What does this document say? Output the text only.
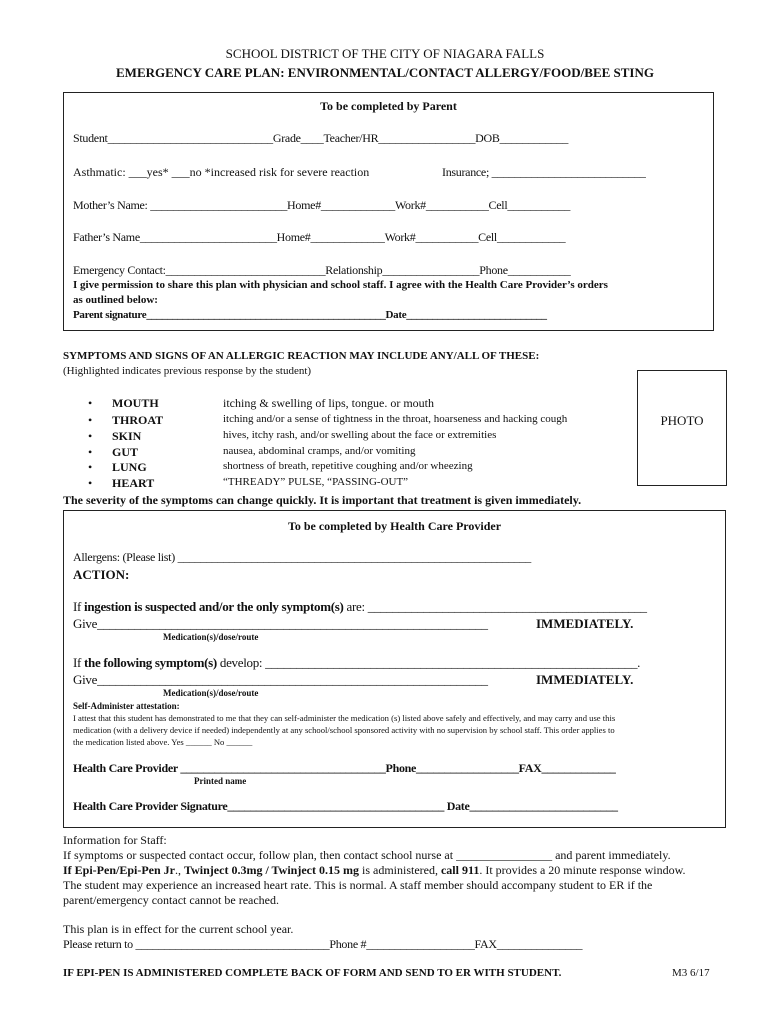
SCHOOL DISTRICT OF THE CITY OF NIAGARA FALLS
EMERGENCY CARE PLAN: ENVIRONMENTAL/CONTACT ALLERGY/FOOD/BEE STING
To be completed by Parent
Student_____________________________Grade____Teacher/HR_________________DOB____________
Asthmatic: ___yes* ___no *increased risk for severe reaction	Insurance; ___________________________
Mother’s Name: ________________________Home#_____________Work#___________Cell___________
Father’s Name________________________Home#_____________Work#___________Cell____________
Emergency Contact:____________________________Relationship_________________Phone___________
I give permission to share this plan with physician and school staff. I agree with the Health Care Provider’s orders
as outlined below:
Parent signature______________________________________________Date___________________________
SYMPTOMS AND SIGNS OF AN ALLERGIC REACTION MAY INCLUDE ANY/ALL OF THESE:
(Highlighted indicates previous response by the student)
PHOTO
• MOUTH	itching & swelling of lips, tongue. or mouth
• THROAT	itching and/or a sense of tightness in the throat, hoarseness and hacking cough
• SKIN	hives, itchy rash, and/or swelling about the face or extremities
• GUT	nausea, abdominal cramps, and/or vomiting
• LUNG	shortness of breath, repetitive coughing and/or wheezing
• HEART	“THREADY” PULSE, “PASSING-OUT”
The severity of the symptoms can change quickly. It is important that treatment is given immediately.
To be completed by Health Care Provider
Allergens: (Please list) ______________________________________________________________
ACTION:
If ingestion is suspected and/or the only symptom(s) are: _____________________________________________
Give_______________________________________________________________	IMMEDIATELY.
Medication(s)/dose/route
If the following symptom(s) develop: ____________________________________________________________.
Give_______________________________________________________________	IMMEDIATELY.
Medication(s)/dose/route
Self-Administer attestation:
I attest that this student has demonstrated to me that they can self-administer the medication (s) listed above safely and effectively, and may carry and use this
medication (with a delivery device if needed) independently at any school/school sponsored activity with no supervision by school staff. This order applies to
the medication listed above. Yes ______ No ______
Health Care Provider ____________________________________Phone__________________FAX_____________
Printed name
Health Care Provider Signature______________________________________ Date__________________________
Information for Staff:
If symptoms or suspected contact occur, follow plan, then contact school nurse at ________________ and parent immediately.
If Epi-Pen/Epi-Pen Jr., Twinject 0.3mg / Twinject 0.15 mg is administered, call 911. It provides a 20 minute response window.
The student may experience an increased heart rate. This is normal. A staff member should accompany student to ER if the
parent/emergency contact cannot be reached.
This plan is in effect for the current school year.
Please return to __________________________________Phone #___________________FAX_______________
IF EPI-PEN IS ADMINISTERED COMPLETE BACK OF FORM AND SEND TO ER WITH STUDENT.	M3 6/17
